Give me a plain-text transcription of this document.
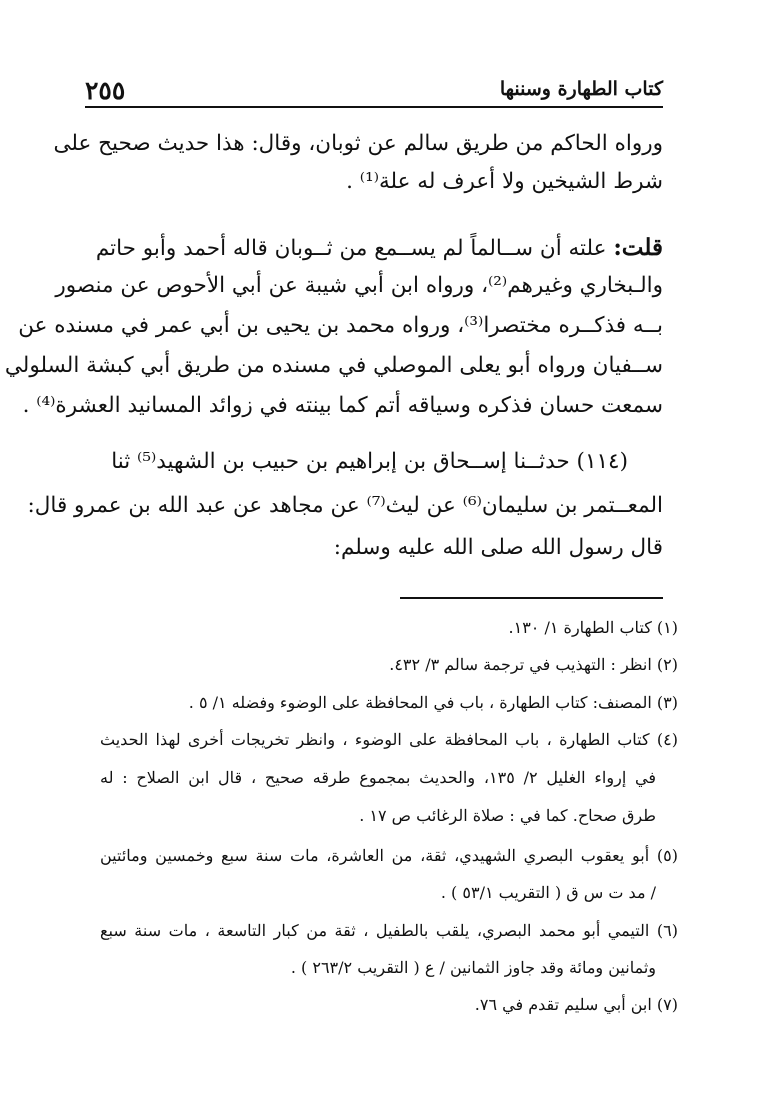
كتاب الطهارة وسننها
٢٥٥
ورواه الحاكم من طريق سالم عن ثوبان، وقال: هذا حديث صحيح على
شرط الشيخين ولا أعرف له علة⁽¹⁾ .
قلت: علته أن ســالماً لم يســمع من ثــوبان قاله أحمد وأبو حاتم
والـبخاري وغيرهم⁽²⁾، ورواه ابن أبي شيبة عن أبي الأحوص عن منصور
بــه فذكــره مختصرا⁽³⁾، ورواه محمد بن يحيى بن أبي عمر في مسنده عن
ســفيان ورواه أبو يعلى الموصلي في مسنده من طريق أبي كبشة السلولي
سمعت حسان فذكره وسياقه أتم كما بينته في زوائد المسانيد العشرة⁽⁴⁾ .
(١١٤) حدثــنا إســحاق بن إبراهيم بن حبيب بن الشهيد⁽⁵⁾ ثنا
المعــتمر بن سليمان⁽⁶⁾ عن ليث⁽⁷⁾ عن مجاهد عن عبد الله بن عمرو قال:
قال رسول الله صلى الله عليه وسلم:
(١) كتاب الطهارة ١/ ١٣٠.
(٢) انظر : التهذيب في ترجمة سالم ٣/ ٤٣٢.
(٣) المصنف: كتاب الطهارة ، باب في المحافظة على الوضوء وفضله ١/ ٥ .
(٤) كتاب الطهارة ، باب المحافظة على الوضوء ، وانظر تخريجات أخرى لهذا الحديث
في إرواء الغليل ٢/ ١٣٥، والحديث بمجموع طرقه صحيح ، قال ابن الصلاح : له
طرق صحاح. كما في : صلاة الرغائب ص ١٧ .
(٥) أبو يعقوب البصري الشهيدي، ثقة، من العاشرة، مات سنة سبع وخمسين ومائتين
/ مد ت س ق ( التقريب ٥٣/١ ) .
(٦) التيمي أبو محمد البصري، يلقب بالطفيل ، ثقة من كبار التاسعة ، مات سنة سبع
وثمانين ومائة وقد جاوز الثمانين / ع ( التقريب ٢٦٣/٢ ) .
(٧) ابن أبي سليم تقدم في ٧٦.
